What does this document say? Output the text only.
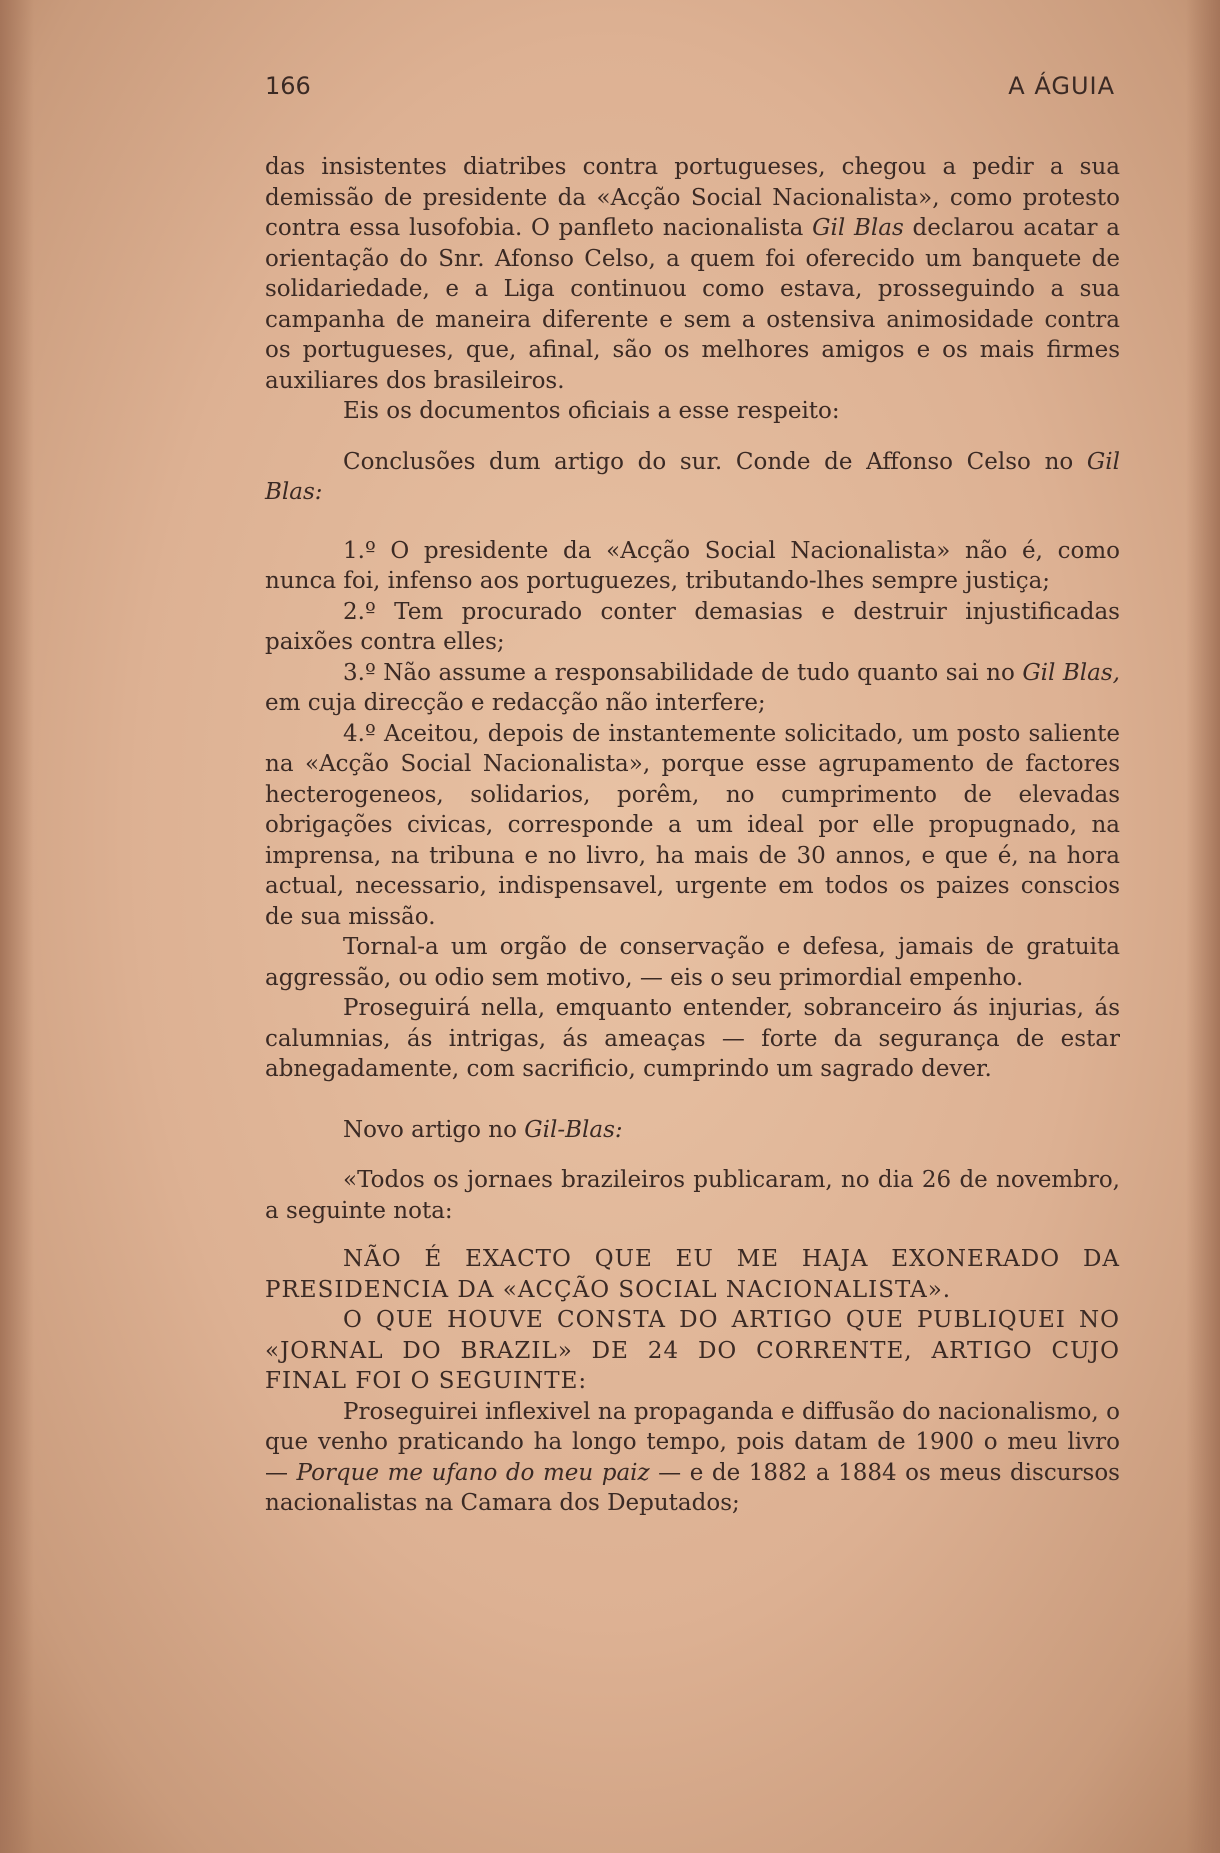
166	A ÁGUIA

das insistentes diatribes contra portugueses, chegou a pedir a sua demissão de presidente da «Acção Social Nacionalista», como protesto contra essa lusofobia. O panfleto nacionalista Gil Blas declarou acatar a orientação do Snr. Afonso Celso, a quem foi oferecido um banquete de solidariedade, e a Liga continuou como estava, prosseguindo a sua campanha de maneira diferente e sem a ostensiva animosidade contra os portugueses, que, afinal, são os melhores amigos e os mais firmes auxiliares dos brasileiros.

Eis os documentos oficiais a esse respeito:

Conclusões dum artigo do sur. Conde de Affonso Celso no Gil Blas:

1.º O presidente da «Acção Social Nacionalista» não é, como nunca foi, infenso aos portuguezes, tributando-lhes sempre justiça;

2.º Tem procurado conter demasias e destruir injustificadas paixões contra elles;

3.º Não assume a responsabilidade de tudo quanto sai no Gil Blas, em cuja direcção e redacção não interfere;

4.º Aceitou, depois de instantemente solicitado, um posto saliente na «Acção Social Nacionalista», porque esse agrupamento de factores hecterogeneos, solidarios, porêm, no cumprimento de elevadas obrigações civicas, corresponde a um ideal por elle propugnado, na imprensa, na tribuna e no livro, ha mais de 30 annos, e que é, na hora actual, necessario, indispensavel, urgente em todos os paizes conscios de sua missão.

Tornal-a um orgão de conservação e defesa, jamais de gratuita aggressão, ou odio sem motivo, — eis o seu primordial empenho.

Proseguirá nella, emquanto entender, sobranceiro ás injurias, ás calumnias, ás intrigas, ás ameaças — forte da segurança de estar abnegadamente, com sacrificio, cumprindo um sagrado dever.

Novo artigo no Gil-Blas:

«Todos os jornaes brazileiros publicaram, no dia 26 de novembro, a seguinte nota:

NÃO É EXACTO QUE EU ME HAJA EXONERADO DA PRESIDENCIA DA «ACÇÃO SOCIAL NACIONALISTA».

O QUE HOUVE CONSTA DO ARTIGO QUE PUBLIQUEI NO «JORNAL DO BRAZIL» DE 24 DO CORRENTE, ARTIGO CUJO FINAL FOI O SEGUINTE:

Proseguirei inflexivel na propaganda e diffusão do nacionalismo, o que venho praticando ha longo tempo, pois datam de 1900 o meu livro — Porque me ufano do meu paiz — e de 1882 a 1884 os meus discursos nacionalistas na Camara dos Deputados;
